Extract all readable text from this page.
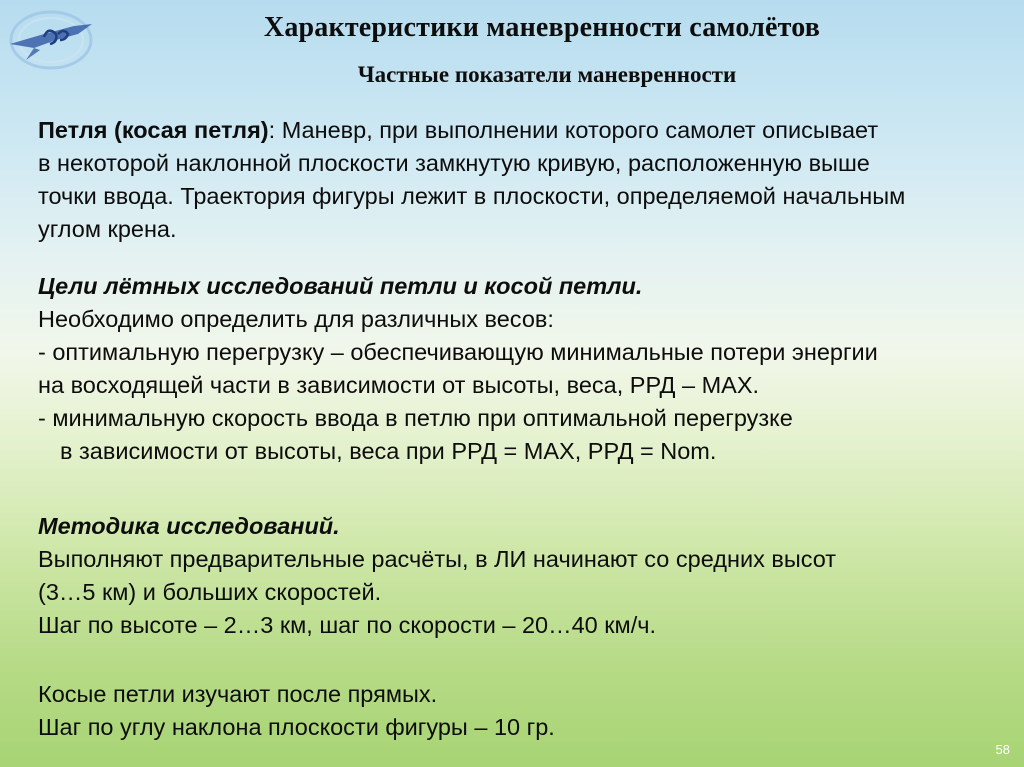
Характеристики маневренности самолётов
Частные показатели маневренности
Петля (косая петля): Маневр, при выполнении которого самолет описывает
в некоторой наклонной плоскости замкнутую кривую, расположенную выше
точки ввода. Траектория фигуры лежит в плоскости, определяемой начальным
углом крена.
Цели лётных исследований петли и косой петли.
Необходимо определить для различных весов:
- оптимальную перегрузку – обеспечивающую минимальные потери энергии
на восходящей части в зависимости от высоты, веса, РРД – МАХ.
- минимальную скорость ввода в петлю при оптимальной перегрузке
в зависимости от высоты, веса при РРД = МАХ, РРД = Nom.
Методика исследований.
Выполняют предварительные расчёты, в ЛИ начинают со средних высот
(3…5 км) и больших скоростей.
Шаг по высоте – 2…3 км, шаг по скорости – 20…40 км/ч.
Косые петли изучают после прямых.
Шаг по углу наклона плоскости фигуры – 10 гр.
58
